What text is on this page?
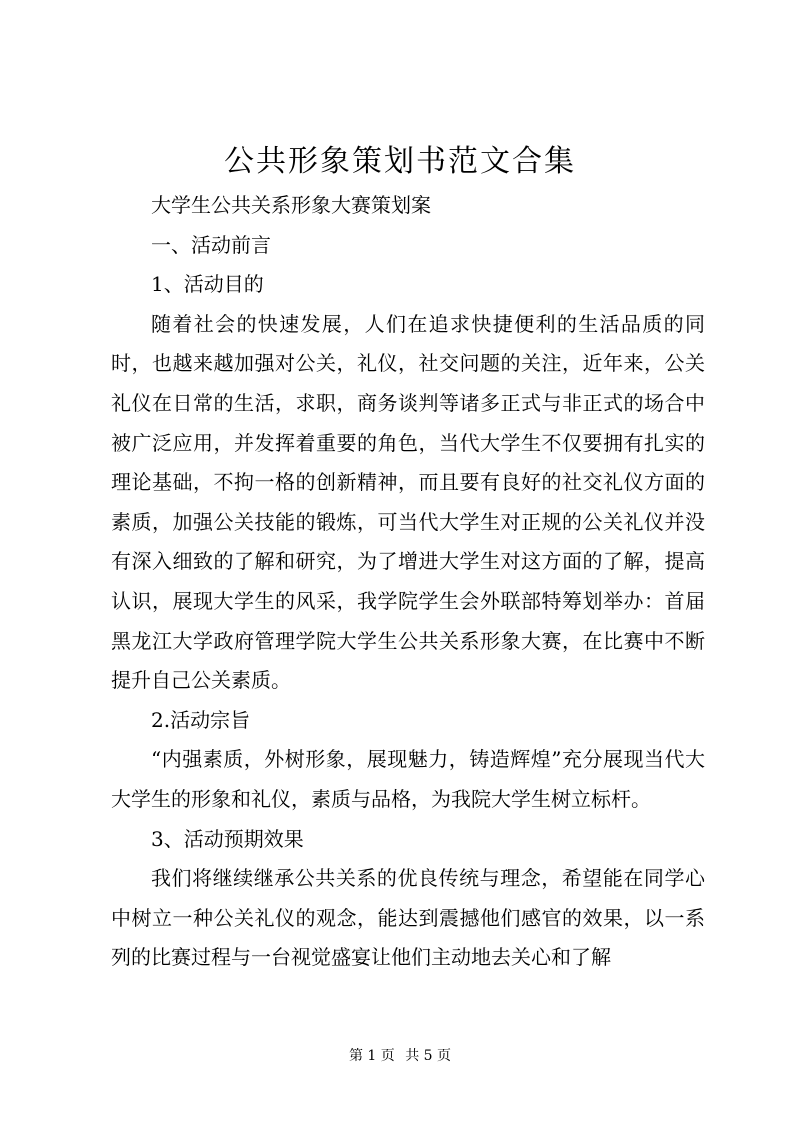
公共形象策划书范文合集
大学生公共关系形象大赛策划案
一、活动前言
1、活动目的

随着社会的快速发展，人们在追求快捷便利的生活品质的同时，也越来越加强对公关，礼仪，社交问题的关注，近年来，公关礼仪在日常的生活，求职，商务谈判等诸多正式与非正式的场合中被广泛应用，并发挥着重要的角色，当代大学生不仅要拥有扎实的理论基础，不拘一格的创新精神，而且要有良好的社交礼仪方面的素质，加强公关技能的锻炼，可当代大学生对正规的公关礼仪并没有深入细致的了解和研究，为了增进大学生对这方面的了解，提高认识，展现大学生的风采，我学院学生会外联部特筹划举办：首届黑龙江大学政府管理学院大学生公共关系形象大赛，在比赛中不断提升自己公关素质。

2.活动宗旨

“内强素质，外树形象，展现魅力，铸造辉煌”充分展现当代大大学生的形象和礼仪，素质与品格，为我院大学生树立标杆。

3、活动预期效果

我们将继续继承公共关系的优良传统与理念，希望能在同学心中树立一种公关礼仪的观念，能达到震撼他们感官的效果，以一系列的比赛过程与一台视觉盛宴让他们主动地去关心和了解

第 1 页 共 5 页
